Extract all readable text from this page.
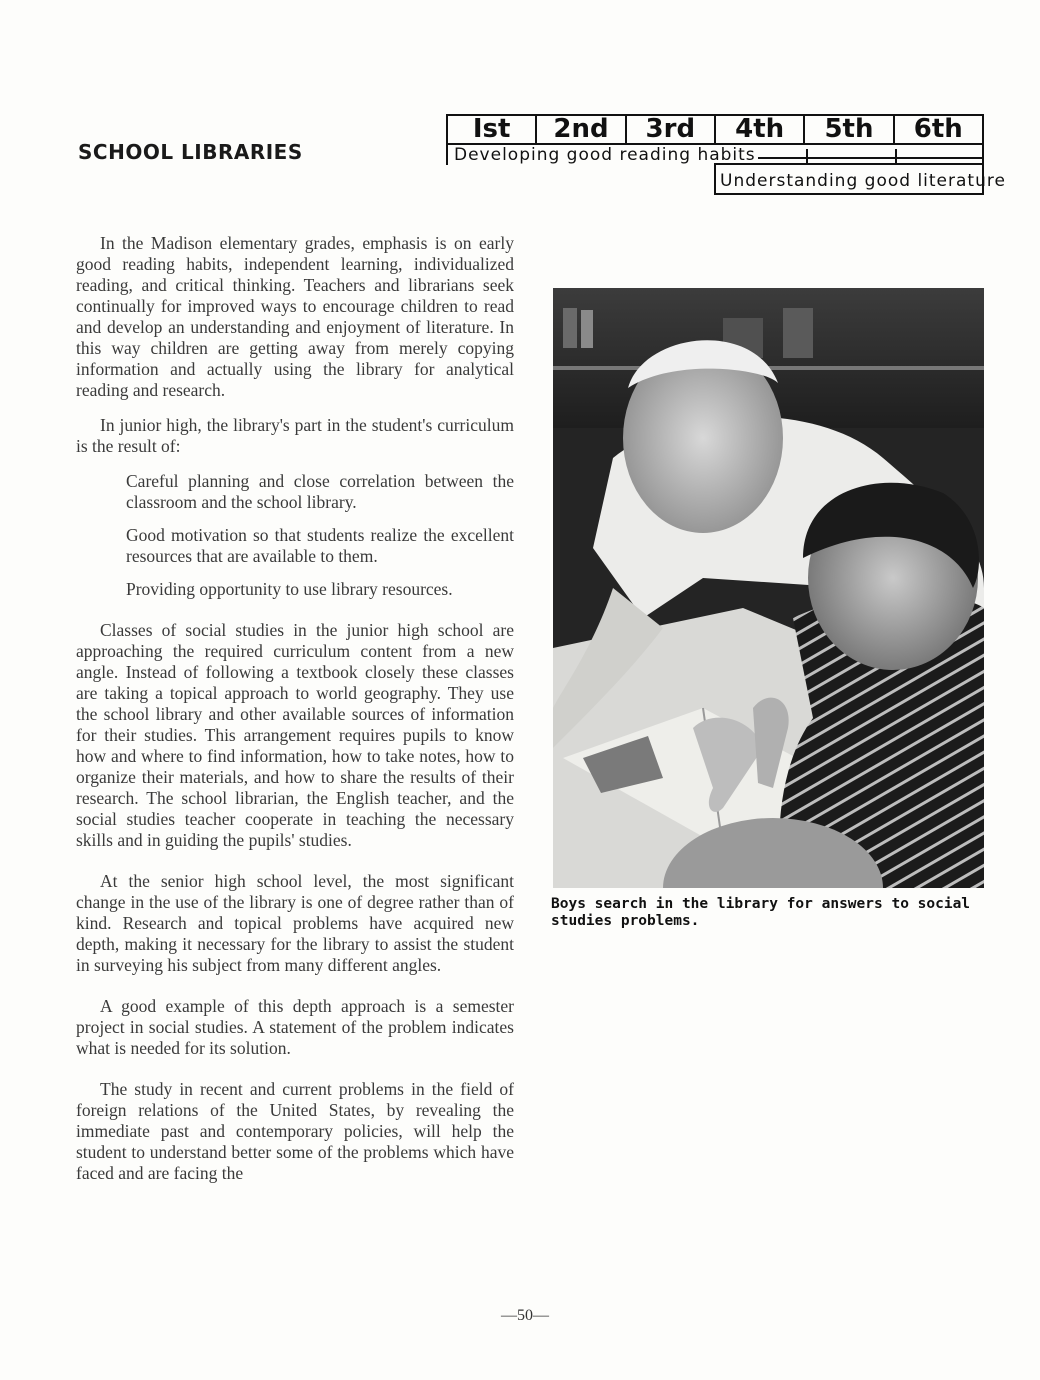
SCHOOL LIBRARIES
Ist	2nd	3rd	4th	5th	6th
Developing good reading habits
Understanding good literature

In the Madison elementary grades, emphasis is on early good reading habits, independent learning, individualized reading, and critical thinking. Teachers and librarians seek continually for improved ways to encourage children to read and develop an understanding and enjoyment of literature. In this way children are getting away from merely copying information and actually using the library for analytical reading and research.

In junior high, the library's part in the student's curriculum is the result of:

Careful planning and close correlation between the classroom and the school library.

Good motivation so that students realize the excellent resources that are available to them.

Providing opportunity to use library resources.

Classes of social studies in the junior high school are approaching the required curriculum content from a new angle. Instead of following a textbook closely these classes are taking a topical approach to world geography. They use the school library and other available sources of information for their studies. This arrangement requires pupils to know how and where to find information, how to take notes, how to organize their materials, and how to share the results of their research. The school librarian, the English teacher, and the social studies teacher cooperate in teaching the necessary skills and in guiding the pupils' studies.

At the senior high school level, the most significant change in the use of the library is one of degree rather than of kind. Research and topical problems have acquired new depth, making it necessary for the library to assist the student in surveying his subject from many different angles.

A good example of this depth approach is a semester project in social studies. A statement of the problem indicates what is needed for its solution.

The study in recent and current problems in the field of foreign relations of the United States, by revealing the immediate past and contemporary policies, will help the student to understand better some of the problems which have faced and are facing the

Boys search in the library for answers to social studies problems.
—50—
